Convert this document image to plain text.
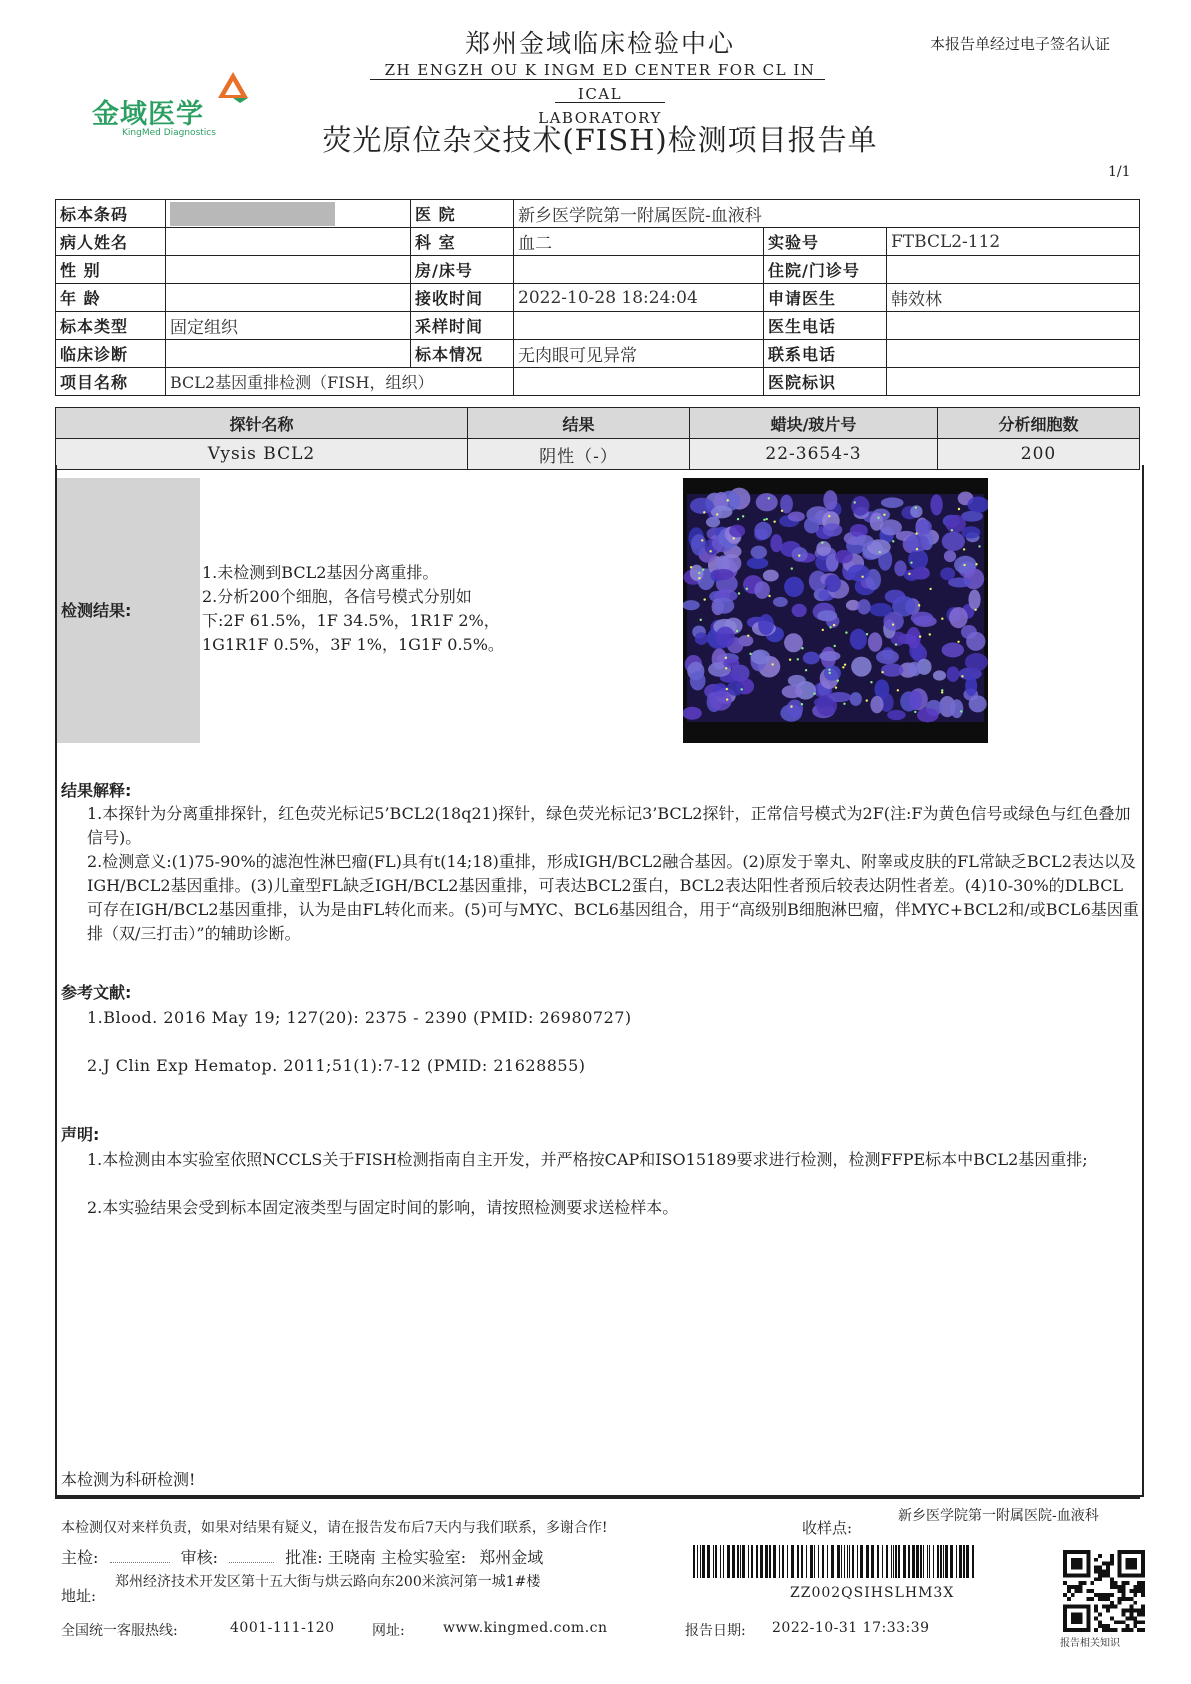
金域医学
KingMed Diagnostics
郑州金域临床检验中心
ZH ENGZH OU K INGM ED CENTER FOR CL IN ICAL
LABORATORY
荧光原位杂交技术(FISH)检测项目报告单
本报告单经过电子签名认证
1/1
标本条码		医 院	新乡医学院第一附属医院-血液科		
病人姓名		科 室	血二	实验号	FTBCL2-112
性 别		房/床号		住院/门诊号	
年 龄		接收时间	2022-10-28 18:24:04	申请医生	韩效林
标本类型	固定组织	采样时间		医生电话	
临床诊断		标本情况	无肉眼可见异常	联系电话	
项目名称	BCL2基因重排检测（FISH，组织）			医院标识	
探针名称	结果	蜡块/玻片号	分析细胞数
Vysis BCL2	阴性（-）	22-3654-3	200
检测结果:
1.未检测到BCL2基因分离重排。
2.分析200个细胞，各信号模式分别如
下:2F 61.5%，1F 34.5%，1R1F 2%，
1G1R1F 0.5%，3F 1%，1G1F 0.5%。
结果解释:
1.本探针为分离重排探针，红色荧光标记5’BCL2(18q21)探针，绿色荧光标记3’BCL2探针，正常信号模式为2F(注:F为黄色信号或绿色与红色叠加信号)。
2.检测意义:(1)75-90%的滤泡性淋巴瘤(FL)具有t(14;18)重排，形成IGH/BCL2融合基因。(2)原发于睾丸、附睾或皮肤的FL常缺乏BCL2表达以及IGH/BCL2基因重排。(3)儿童型FL缺乏IGH/BCL2基因重排，可表达BCL2蛋白，BCL2表达阳性者预后较表达阴性者差。(4)10-30%的DLBCL可存在IGH/BCL2基因重排，认为是由FL转化而来。(5)可与MYC、BCL6基因组合，用于“高级别B细胞淋巴瘤，伴MYC+BCL2和/或BCL6基因重排（双/三打击）”的辅助诊断。
参考文献:
1.Blood. 2016 May 19; 127(20): 2375 - 2390 (PMID: 26980727)
2.J Clin Exp Hematop. 2011;51(1):7-12 (PMID: 21628855)
声明:
1.本检测由本实验室依照NCCLS关于FISH检测指南自主开发，并严格按CAP和ISO15189要求进行检测，检测FFPE标本中BCL2基因重排;
2.本实验结果会受到标本固定液类型与固定时间的影响，请按照检测要求送检样本。
本检测为科研检测!
本检测仅对来样负责，如果对结果有疑义，请在报告发布后7天内与我们联系，多谢合作!	收样点:
新乡医学院第一附属医院-血液科
主检:	审核:	批准: 王晓南 主检实验室: 郑州金域
地址:
郑州经济技术开发区第十五大街与烘云路向东200米滨河第一城1#楼
全国统一客服热线:	4001-111-120	网址:	www.kingmed.com.cn
ZZ002QSIHSLHM3X
报告日期: 2022-10-31 17:33:39
报告相关知识
